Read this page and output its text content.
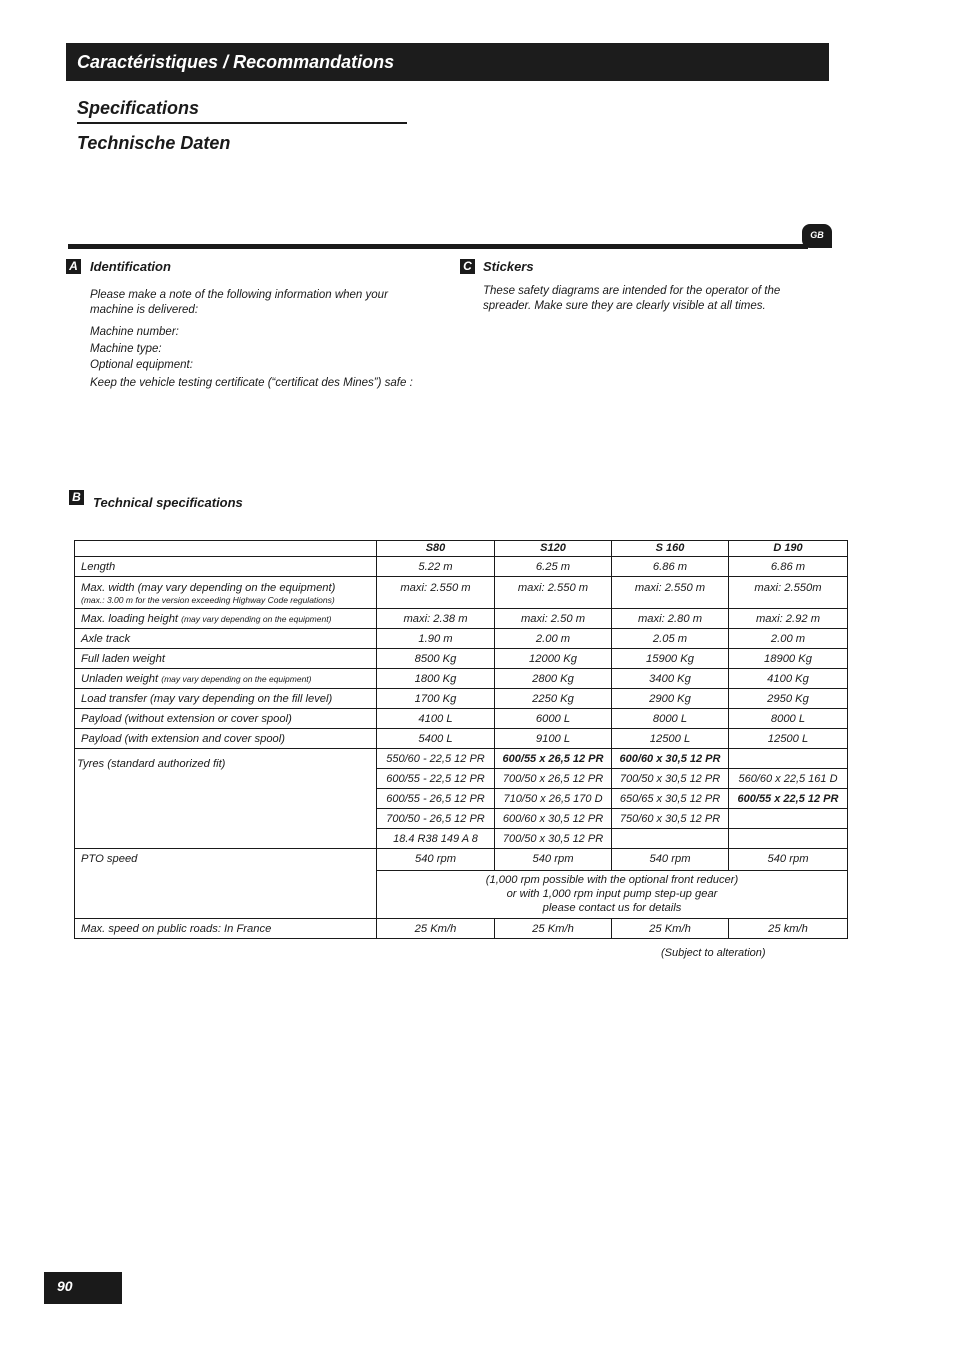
Caractéristiques / Recommandations
Specifications
Technische Daten
GB
A Identification
Please make a note of the following information when your machine is delivered:
Machine number:
Machine type:
Optional equipment:
Keep the vehicle testing certificate (“certificat des Mines”) safe :
C Stickers
These safety diagrams are intended for the operator of the spreader. Make sure they are clearly visible at all times.
B Technical specifications
	S80	S120	S 160	D 190
Length	5.22 m	6.25 m	6.86 m	6.86 m

Max. width (may vary depending on the equipment)
(max.: 3.00 m for the version exceeding Highway Code regulations)	maxi: 2.550 m	maxi: 2.550 m	maxi: 2.550 m	maxi: 2.550m
Max. loading height (may vary depending on the equipment)	maxi: 2.38 m	maxi: 2.50 m	maxi: 2.80 m	maxi: 2.92 m
Axle track	1.90 m	2.00 m	2.05 m	2.00 m
Full laden weight	8500 Kg	12000 Kg	15900 Kg	18900 Kg
Unladen weight (may vary depending on the equipment)	1800 Kg	2800 Kg	3400 Kg	4100 Kg
Load transfer (may vary depending on the fill level)	1700 Kg	2250 Kg	2900 Kg	2950 Kg
Payload (without extension or cover spool)	4100 L	6000 L	8000 L	8000 L
Payload (with extension and cover spool)	5400 L	9100 L	12500 L	12500 L
Tyres (standard authorized fit)	550/60 - 22,5 12 PR	600/55 x 26,5 12 PR	600/60 x 30,5 12 PR	
	600/55 - 22,5 12 PR	700/50 x 26,5 12 PR	700/50 x 30,5 12 PR	560/60 x 22,5 161 D
	600/55 - 26,5 12 PR	710/50 x 26,5 170 D	650/65 x 30,5 12 PR	600/55 x 22,5 12 PR
	700/50 - 26,5 12 PR	600/60 x 30,5 12 PR	750/60 x 30,5 12 PR	
	18.4 R38 149 A 8	700/50 x 30,5 12 PR		
PTO speed	540 rpm	540 rpm	540 rpm	540 rpm

	(1,000 rpm possible with the optional front reducer)
or with 1,000 rpm input pump step-up gear
please contact us for details			

Max. speed on public roads: In France	25 Km/h	25 Km/h	25 Km/h	25 km/h
(Subject to alteration)
90
